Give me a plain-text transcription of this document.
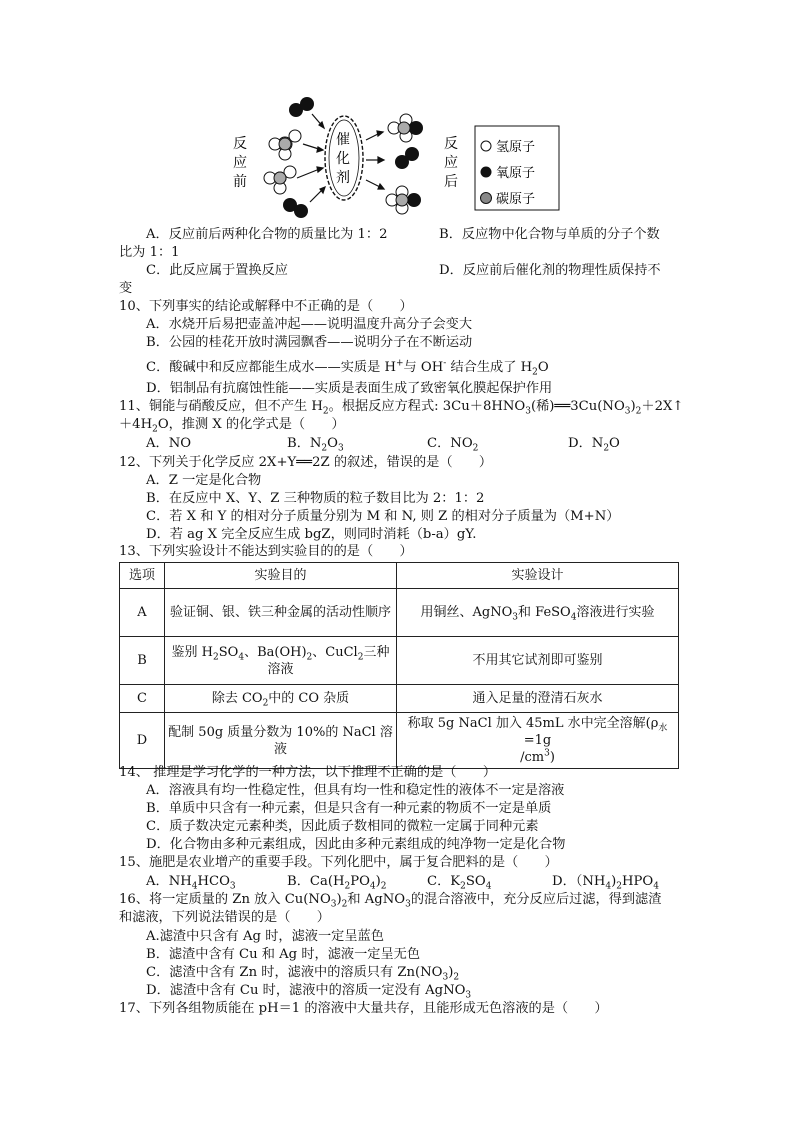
反
应
前
催
化
剂
反
应
后
氢原子
氧原子
碳原子
A．反应前后两种化合物的质量比为 1：2	B．反应物中化合物与单质的分子个数
比为 1：1
C．此反应属于置换反应	D．反应前后催化剂的物理性质保持不
变
10、下列事实的结论或解释中不正确的是（　　）
A．水烧开后易把壶盖冲起——说明温度升高分子会变大
B．公园的桂花开放时满园飘香——说明分子在不断运动
C．酸碱中和反应都能生成水——实质是 H+与 OH- 结合生成了 $H_2O$
D．铝制品有抗腐蚀性能——实质是表面生成了致密氧化膜起保护作用
11、铜能与硝酸反应，但不产生 $H_2$。根据反应方程式: $3Cu+8HNO_3$(稀)$══3Cu(NO_3)_2+2X↑$
$+4H_2O$，推测 X 的化学式是（　　）
A．NO	B．$N_2O_3$	C．$NO_2$	D．$N_2O$
12、下列关于化学反应 2X+Y══2Z 的叙述，错误的是（　　）
A．Z 一定是化合物
B．在反应中 X、Y、Z 三种物质的粒子数目比为 2：1：2
C．若 X 和 Y 的相对分子质量分别为 M 和 N, 则 Z 的相对分子质量为（M+N）
D．若 ag X 完全反应生成 bgZ，则同时消耗（b-a）gY.
13、下列实验设计不能达到实验目的的是（　　）
选项	实验目的	实验设计
A	验证铜、银、铁三种金属的活动性顺序	用铜丝、AgNO$_3$和 FeSO$_4$溶液进行实验
B	鉴别 $H_2SO_4$、$Ba(OH)_2$、CuCl$_2$三种溶液	不用其它试剂即可鉴别
C	除去 $CO_2$中的 CO 杂质	通入足量的澄清石灰水
D	配制 50g 质量分数为 10%的 NaCl 溶液	称取 5g NaCl 加入 45mL 水中完全溶解($\rho_水=1g$
$/cm^3$)
14、 推理是学习化学的一种方法，以下推理不正确的是（　　）
A．溶液具有均一性稳定性，但具有均一性和稳定性的液体不一定是溶液
B．单质中只含有一种元素，但是只含有一种元素的物质不一定是单质
C．质子数决定元素种类，因此质子数相同的微粒一定属于同种元素
D．化合物由多种元素组成，因此由多种元素组成的纯净物一定是化合物
15、施肥是农业增产的重要手段。下列化肥中，属于复合肥料的是（　　）
A．$NH_4HCO_3$	B．$Ca(H_2PO_4)_2$	C．$K_2SO_4$	D．$(NH_4)_2HPO_4$
16、将一定质量的 Zn 放入 $Cu(NO_3)_2$和 AgNO$_3$的混合溶液中，充分反应后过滤，得到滤渣
和滤液，下列说法错误的是（　　）
A.滤渣中只含有 Ag 时，滤液一定呈蓝色
B．滤渣中含有 Cu 和 Ag 时，滤液一定呈无色
C．滤渣中含有 Zn 时，滤液中的溶质只有 $Zn(NO_3)_2$
D．滤渣中含有 Cu 时，滤液中的溶质一定没有 AgNO$_3$
17、下列各组物质能在 pH＝1 的溶液中大量共存，且能形成无色溶液的是（　　）
